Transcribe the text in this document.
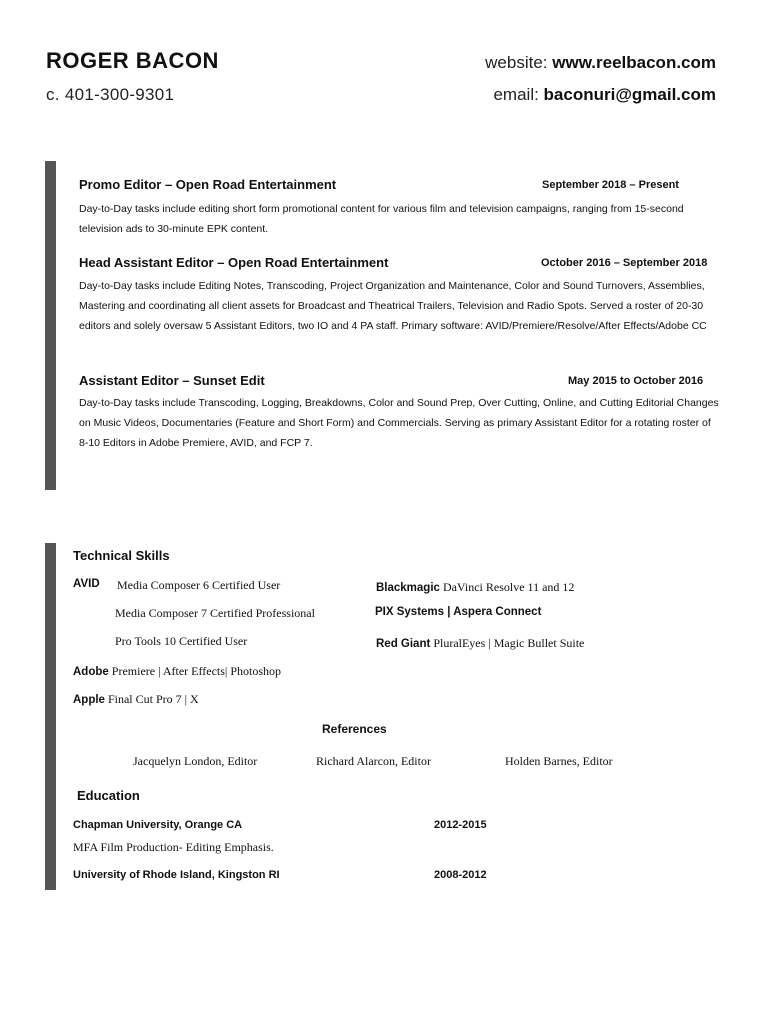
ROGER BACON
c. 401-300-9301
website: www.reelbacon.com
email: baconuri@gmail.com
Promo Editor – Open Road Entertainment	September 2018 – Present
Day-to-Day tasks include editing short form promotional content for various film and television campaigns, ranging from 15-second television ads to 30-minute EPK content.
Head Assistant Editor – Open Road Entertainment	October 2016 – September 2018
Day-to-Day tasks include Editing Notes, Transcoding, Project Organization and Maintenance, Color and Sound Turnovers, Assemblies, Mastering and coordinating all client assets for Broadcast and Theatrical Trailers, Television and Radio Spots. Served a roster of 20-30 editors and solely oversaw 5 Assistant Editors, two IO and 4 PA staff. Primary software: AVID/Premiere/Resolve/After Effects/Adobe CC
Assistant Editor – Sunset Edit	May 2015 to October 2016
Day-to-Day tasks include Transcoding, Logging, Breakdowns, Color and Sound Prep, Over Cutting, Online, and Cutting Editorial Changes on Music Videos, Documentaries (Feature and Short Form) and Commercials. Serving as primary Assistant Editor for a rotating roster of 8-10 Editors in Adobe Premiere, AVID, and FCP 7.
Technical Skills
AVID Media Composer 6 Certified User
Media Composer 7 Certified Professional
Pro Tools 10 Certified User
Blackmagic DaVinci Resolve 11 and 12
PIX Systems | Aspera Connect
Red Giant PluralEyes | Magic Bullet Suite
Adobe Premiere | After Effects| Photoshop
Apple Final Cut Pro 7 | X
References
Jacquelyn London, Editor	Richard Alarcon, Editor	Holden Barnes, Editor
Education
Chapman University, Orange CA	2012-2015
MFA Film Production- Editing Emphasis.
University of Rhode Island, Kingston RI	2008-2012
